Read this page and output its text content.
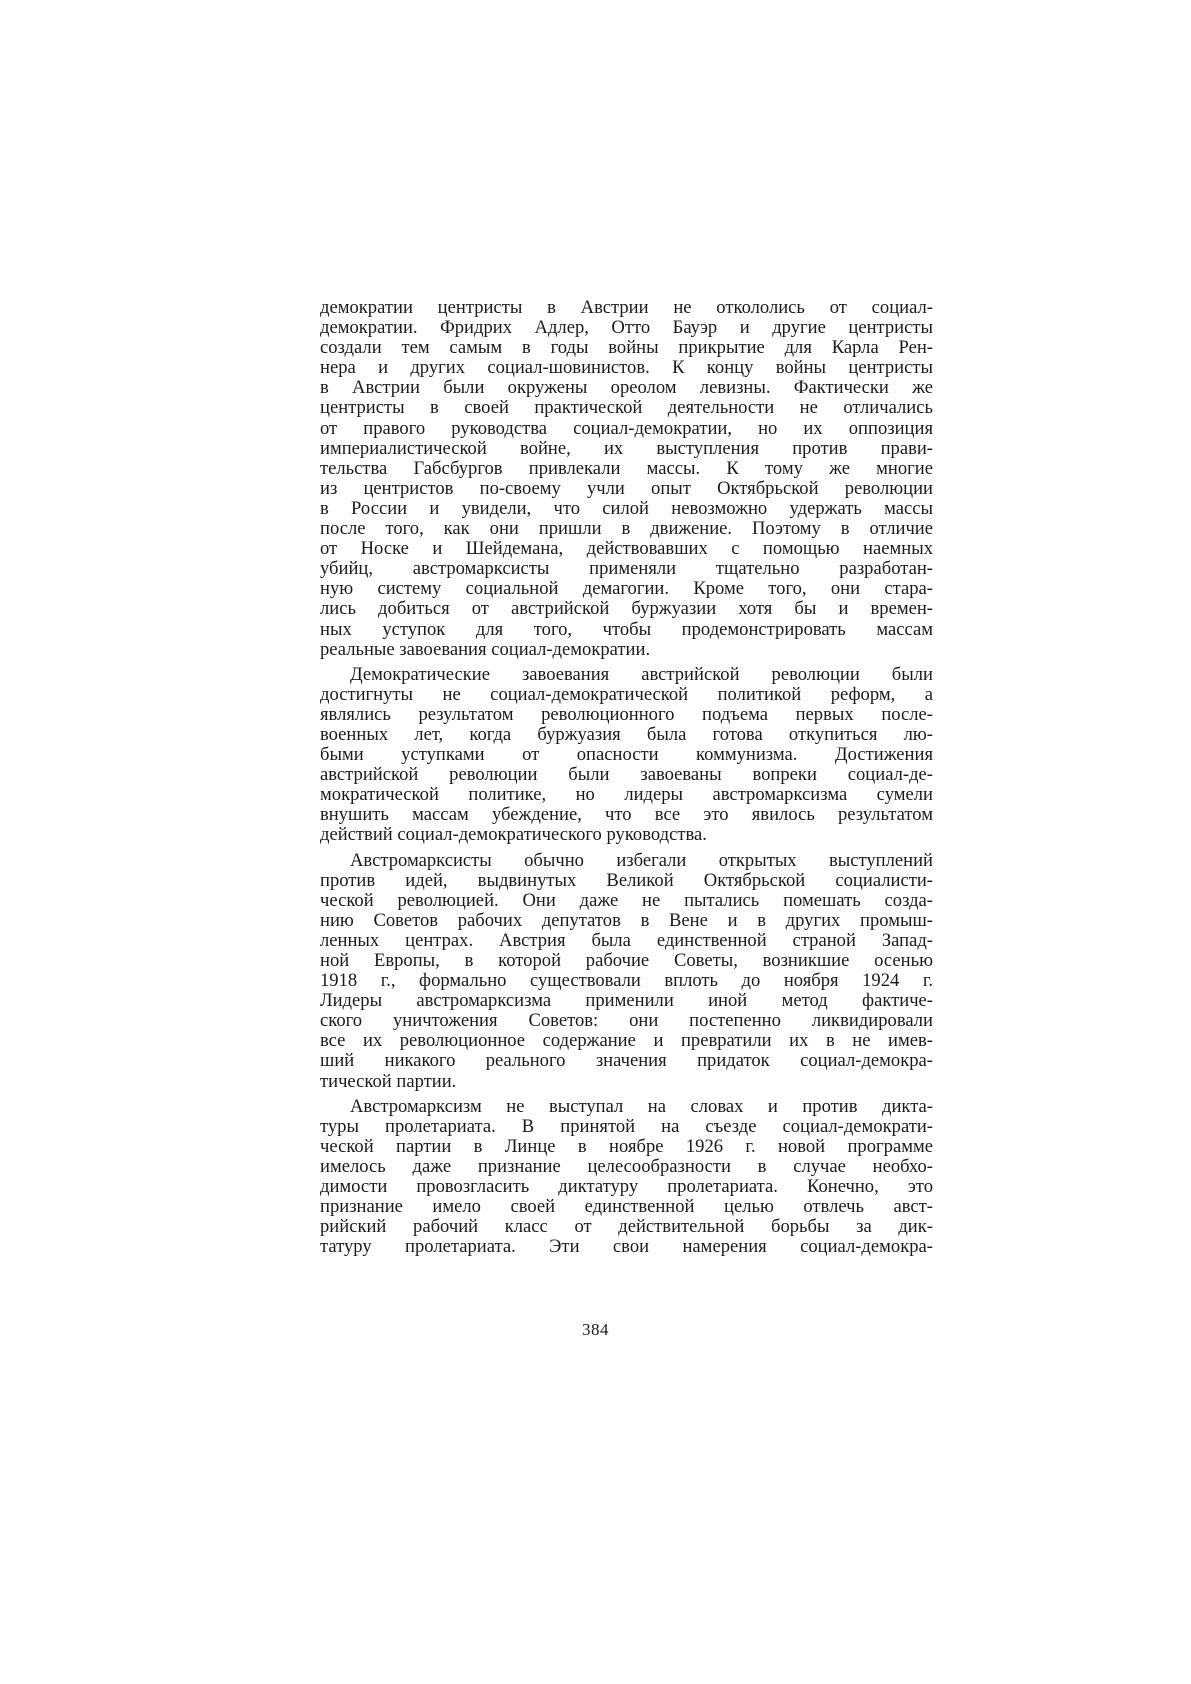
демократии центристы в Австрии не откололись от социал-
демократии. Фридрих Адлер, Отто Бауэр и другие центристы
создали тем самым в годы войны прикрытие для Карла Рен-
нера и других социал-шовинистов. К концу войны центристы
в Австрии были окружены ореолом левизны. Фактически же
центристы в своей практической деятельности не отличались
от правого руководства социал-демократии, но их оппозиция
империалистической войне, их выступления против прави-
тельства Габсбургов привлекали массы. К тому же многие
из центристов по-своему учли опыт Октябрьской революции
в России и увидели, что силой невозможно удержать массы
после того, как они пришли в движение. Поэтому в отличие
от Носке и Шейдемана, действовавших с помощью наемных
убийц, австромарксисты применяли тщательно разработан-
ную систему социальной демагогии. Кроме того, они стара-
лись добиться от австрийской буржуазии хотя бы и времен-
ных уступок для того, чтобы продемонстрировать массам
реальные завоевания социал-демократии.
Демократические завоевания австрийской революции были
достигнуты не социал-демократической политикой реформ, а
являлись результатом революционного подъема первых после-
военных лет, когда буржуазия была готова откупиться лю-
быми уступками от опасности коммунизма. Достижения
австрийской революции были завоеваны вопреки социал-де-
мократической политике, но лидеры австромарксизма сумели
внушить массам убеждение, что все это явилось результатом
действий социал-демократического руководства.
Австромарксисты обычно избегали открытых выступлений
против идей, выдвинутых Великой Октябрьской социалисти-
ческой революцией. Они даже не пытались помешать созда-
нию Советов рабочих депутатов в Вене и в других промыш-
ленных центрах. Австрия была единственной страной Запад-
ной Европы, в которой рабочие Советы, возникшие осенью
1918 г., формально существовали вплоть до ноября 1924 г.
Лидеры австромарксизма применили иной метод фактиче-
ского уничтожения Советов: они постепенно ликвидировали
все их революционное содержание и превратили их в не имев-
ший никакого реального значения придаток социал-демокра-
тической партии.
Австромарксизм не выступал на словах и против дикта-
туры пролетариата. В принятой на съезде социал-демократи-
ческой партии в Линце в ноябре 1926 г. новой программе
имелось даже признание целесообразности в случае необхо-
димости провозгласить диктатуру пролетариата. Конечно, это
признание имело своей единственной целью отвлечь авст-
рийский рабочий класс от действительной борьбы за дик-
татуру пролетариата. Эти свои намерения социал-демокра-
384
